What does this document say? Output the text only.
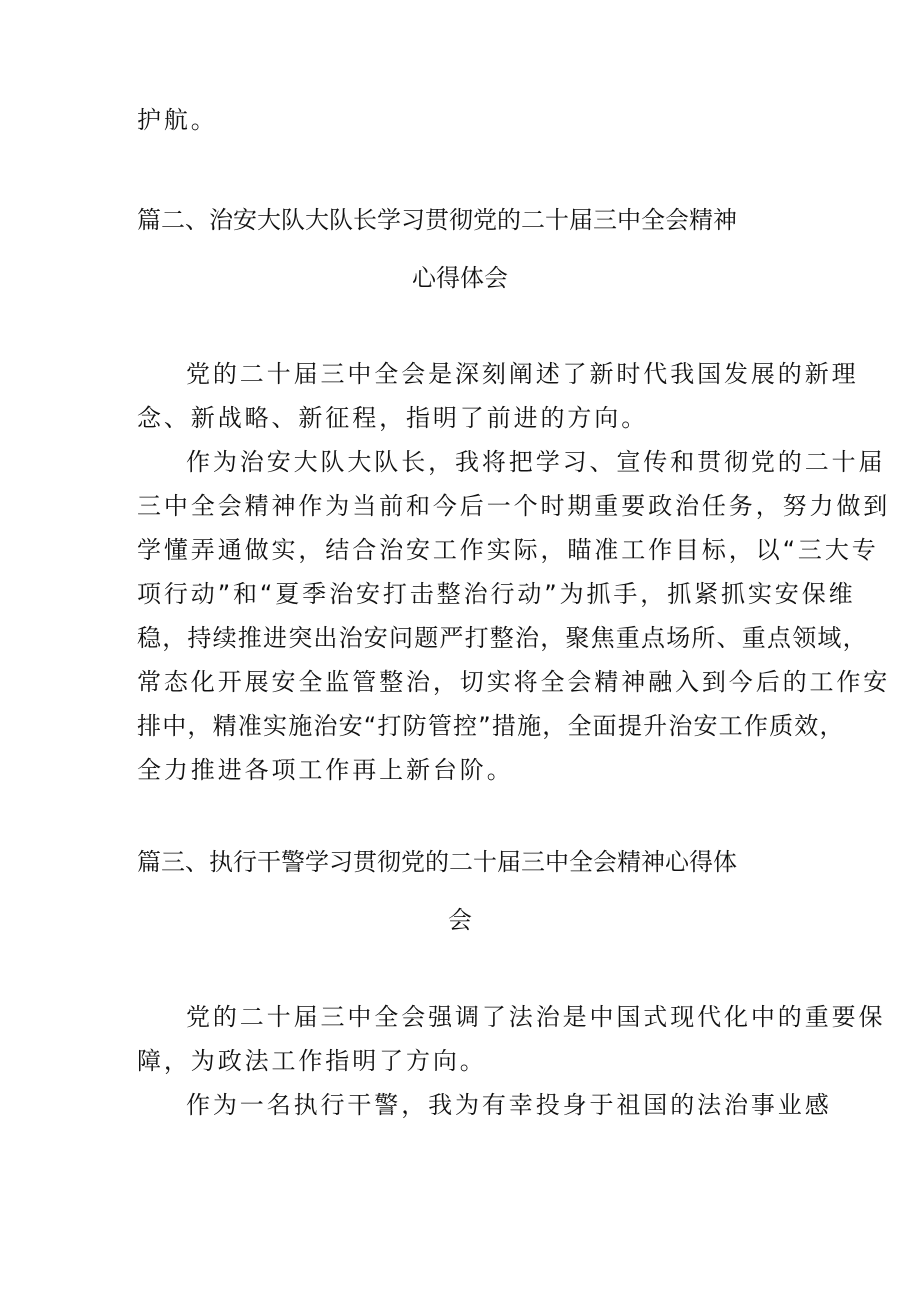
护航。
篇二、治安大队大队长学习贯彻党的二十届三中全会精神
心得体会
党的二十届三中全会是深刻阐述了新时代我国发展的新理
念、新战略、新征程，指明了前进的方向。
作为治安大队大队长，我将把学习、宣传和贯彻党的二十届
三中全会精神作为当前和今后一个时期重要政治任务，努力做到
学懂弄通做实，结合治安工作实际，瞄准工作目标，以“三大专
项行动”和“夏季治安打击整治行动”为抓手，抓紧抓实安保维
稳，持续推进突出治安问题严打整治，聚焦重点场所、重点领域，
常态化开展安全监管整治，切实将全会精神融入到今后的工作安
排中，精准实施治安“打防管控”措施，全面提升治安工作质效，
全力推进各项工作再上新台阶。
篇三、执行干警学习贯彻党的二十届三中全会精神心得体
会
党的二十届三中全会强调了法治是中国式现代化中的重要保
障，为政法工作指明了方向。
作为一名执行干警，我为有幸投身于祖国的法治事业感
